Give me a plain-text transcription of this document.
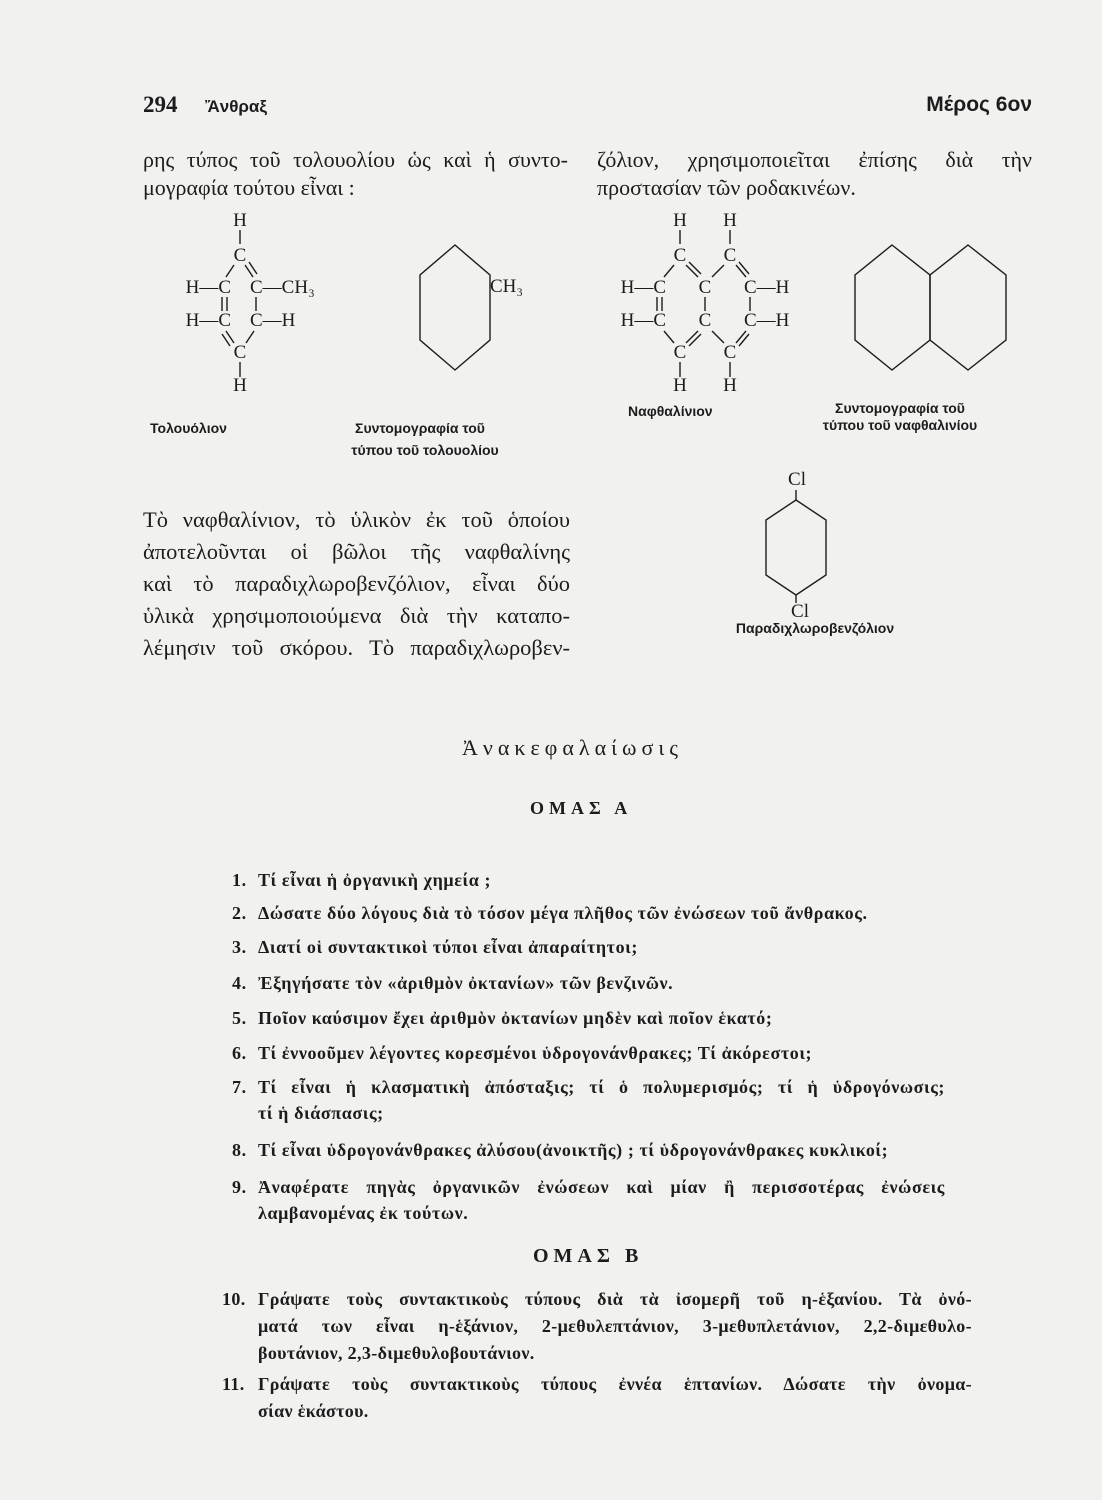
294 Ἄνθραξ	Μέρος 6ον
ρης τύπος τοῦ τολουολίου ὡς καὶ ἡ συντο-
μογραφία τούτου εἶναι :
ζόλιον, χρησιμοποιεῖται ἐπίσης διὰ τὴν
προστασίαν τῶν ροδακινέων.
H
C
H—C C—CH₃
H—C C—H
C
H
Τολουόλιον
CH₃
Συντομογραφία τοῦ
τύπου τοῦ τολουολίου
H H
C C
H—C C C—H
H—C C C—H
C C
H H
Ναφθαλίνιον	Συντομογραφία τοῦ
τύπου τοῦ ναφθαλινίου
Cl
Cl
Παραδιχλωροβενζόλιον
Τὸ ναφθαλίνιον, τὸ ὑλικὸν ἐκ τοῦ ὁποίου
ἀποτελοῦνται οἱ βῶλοι τῆς ναφθαλίνης
καὶ τὸ παραδιχλωροβενζόλιον, εἶναι δύο
ὑλικὰ χρησιμοποιούμενα διὰ τὴν καταπο-
λέμησιν τοῦ σκόρου. Τὸ παραδιχλωροβεν-
Ἀνακεφαλαίωσις
ΟΜΑΣ Α
1. Τί εἶναι ἡ ὀργανικὴ χημεία ;
2. Δώσατε δύο λόγους διὰ τὸ τόσον μέγα πλῆθος τῶν ἐνώσεων τοῦ ἄνθρακος.
3. Διατί οἱ συντακτικοὶ τύποι εἶναι ἀπαραίτητοι;
4. Ἐξηγήσατε τὸν «ἀριθμὸν ὀκτανίων» τῶν βενζινῶν.
5. Ποῖον καύσιμον ἔχει ἀριθμὸν ὀκτανίων μηδὲν καὶ ποῖον ἑκατό;
6. Τί ἐννοοῦμεν λέγοντες κορεσμένοι ὑδρογονάνθρακες; Τί ἀκόρεστοι;
7. Τί εἶναι ἡ κλασματικὴ ἀπόσταξις; τί ὁ πολυμερισμός; τί ἡ ὑδρογόνωσις;
τί ἡ διάσπασις;
8. Τί εἶναι ὑδρογονάνθρακες ἀλύσου(ἀνοικτῆς) ; τί ὑδρογονάνθρακες κυκλικοί;
9. Ἀναφέρατε πηγὰς ὀργανικῶν ἐνώσεων καὶ μίαν ἢ περισσοτέρας ἐνώσεις
λαμβανομένας ἐκ τούτων.
ΟΜΑΣ Β
10. Γράψατε τοὺς συντακτικοὺς τύπους διὰ τὰ ἰσομερῆ τοῦ η-ἑξανίου. Τὰ ὀνό-
ματά των εἶναι η-ἑξάνιον, 2-μεθυλεπτάνιον, 3-μεθυπλετάνιον, 2,2-διμεθυλο-
βουτάνιον, 2,3-διμεθυλοβουτάνιον.
11. Γράψατε τοὺς συντακτικοὺς τύπους ἐννέα ἑπτανίων. Δώσατε τὴν ὀνομα-
σίαν ἑκάστου.
